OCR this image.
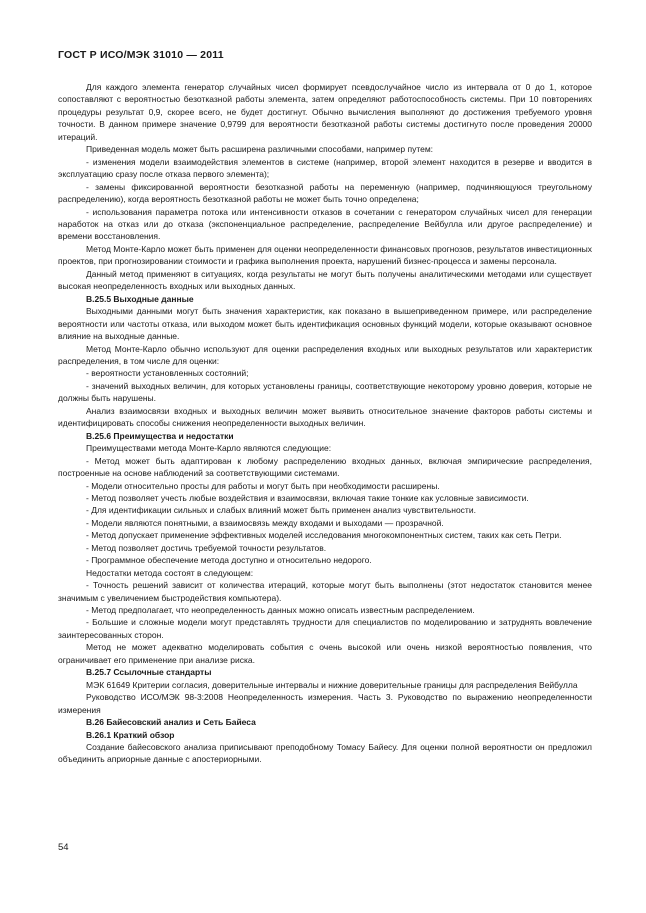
ГОСТ Р ИСО/МЭК 31010 — 2011

Для каждого элемента генератор случайных чисел формирует псевдослучайное число из интервала от 0 до 1, которое сопоставляют с вероятностью безотказной работы элемента, затем определяют работоспособность системы. При 10 повторениях процедуры результат 0,9, скорее всего, не будет достигнут. Обычно вычисления выполняют до достижения требуемого уровня точности. В данном примере значение 0,9799 для вероятности безотказной работы системы достигнуто после проведения 20000 итераций.

Приведенная модель может быть расширена различными способами, например путем:

- изменения модели взаимодействия элементов в системе (например, второй элемент находится в резерве и вводится в эксплуатацию сразу после отказа первого элемента);

- замены фиксированной вероятности безотказной работы на переменную (например, подчиняющуюся треугольному распределению), когда вероятность безотказной работы не может быть точно определена;

- использования параметра потока или интенсивности отказов в сочетании с генератором случайных чисел для генерации наработок на отказ или до отказа (экспоненциальное распределение, распределение Вейбулла или другое распределение) и времени восстановления.

Метод Монте-Карло может быть применен для оценки неопределенности финансовых прогнозов, результатов инвестиционных проектов, при прогнозировании стоимости и графика выполнения проекта, нарушений бизнес-процесса и замены персонала.

Данный метод применяют в ситуациях, когда результаты не могут быть получены аналитическими методами или существует высокая неопределенность входных или выходных данных.

B.25.5 Выходные данные

Выходными данными могут быть значения характеристик, как показано в вышеприведенном примере, или распределение вероятности или частоты отказа, или выходом может быть идентификация основных функций модели, которые оказывают основное влияние на выходные данные.

Метод Монте-Карло обычно используют для оценки распределения входных или выходных результатов или характеристик распределения, в том числе для оценки:

- вероятности установленных состояний;

- значений выходных величин, для которых установлены границы, соответствующие некоторому уровню доверия, которые не должны быть нарушены.

Анализ взаимосвязи входных и выходных величин может выявить относительное значение факторов работы системы и идентифицировать способы снижения неопределенности выходных величин.

B.25.6 Преимущества и недостатки

Преимуществами метода Монте-Карло являются следующие:

- Метод может быть адаптирован к любому распределению входных данных, включая эмпирические распределения, построенные на основе наблюдений за соответствующими системами.

- Модели относительно просты для работы и могут быть при необходимости расширены.

- Метод позволяет учесть любые воздействия и взаимосвязи, включая такие тонкие как условные зависимости.

- Для идентификации сильных и слабых влияний может быть применен анализ чувствительности.

- Модели являются понятными, а взаимосвязь между входами и выходами — прозрачной.

- Метод допускает применение эффективных моделей исследования многокомпонентных систем, таких как сеть Петри.

- Метод позволяет достичь требуемой точности результатов.

- Программное обеспечение метода доступно и относительно недорого.

Недостатки метода состоят в следующем:

- Точность решений зависит от количества итераций, которые могут быть выполнены (этот недостаток становится менее значимым с увеличением быстродействия компьютера).

- Метод предполагает, что неопределенность данных можно описать известным распределением.

- Большие и сложные модели могут представлять трудности для специалистов по моделированию и затруднять вовлечение заинтересованных сторон.

Метод не может адекватно моделировать события с очень высокой или очень низкой вероятностью появления, что ограничивает его применение при анализе риска.

B.25.7 Ссылочные стандарты

МЭК 61649 Критерии согласия, доверительные интервалы и нижние доверительные границы для распределения Вейбулла

Руководство ИСО/МЭК 98-3:2008 Неопределенность измерения. Часть 3. Руководство по выражению неопределенности измерения

B.26 Байесовский анализ и Сеть Байеса

B.26.1 Краткий обзор

Создание байесовского анализа приписывают преподобному Томасу Байесу. Для оценки полной вероятности он предложил объединить априорные данные с апостериорными.

54
